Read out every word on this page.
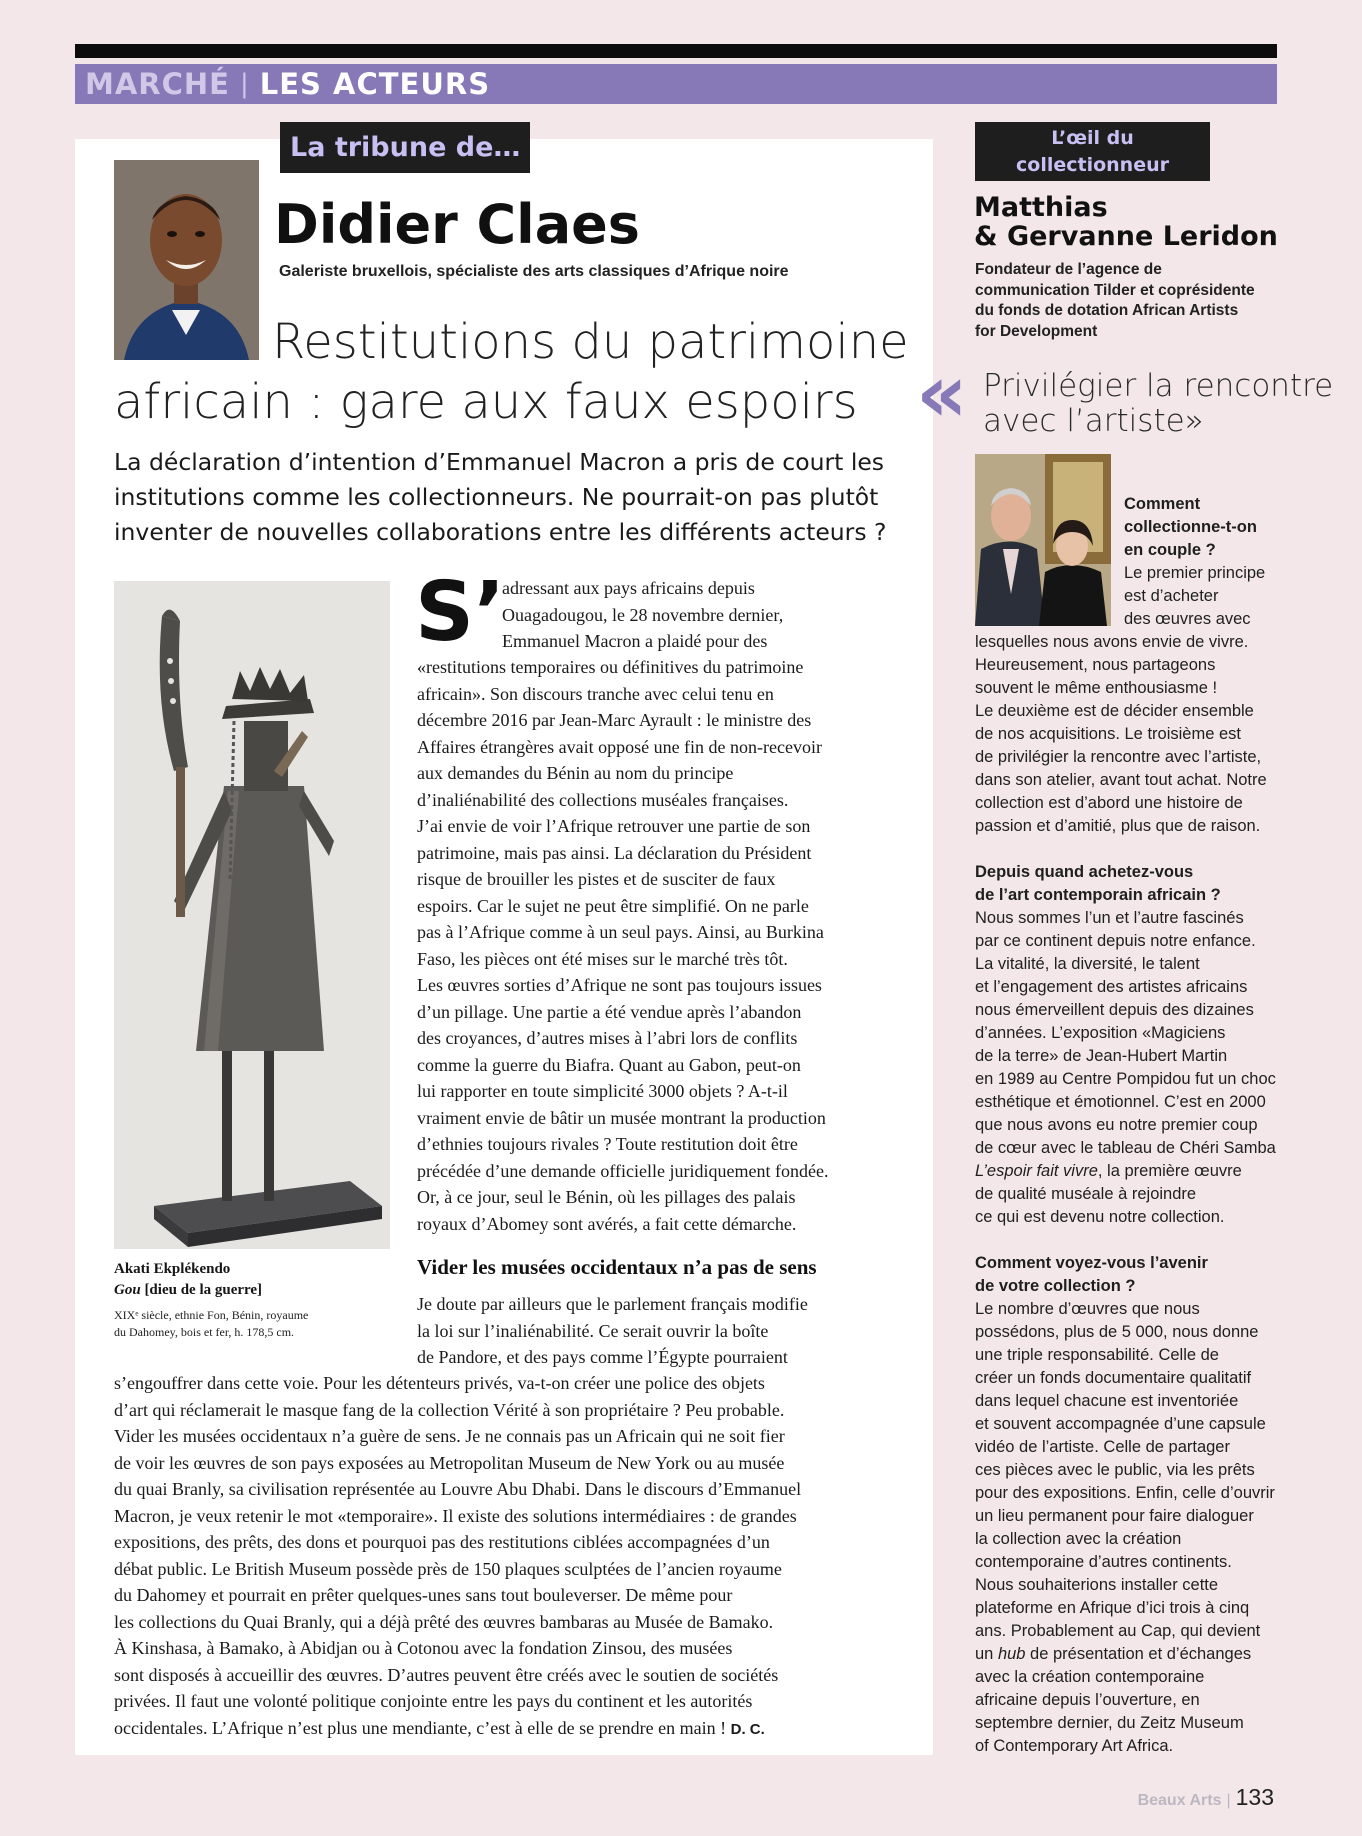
MARCHÉ | LES ACTEURS
La tribune de…
Didier Claes
Galeriste bruxellois, spécialiste des arts classiques d’Afrique noire
Restitutions du patrimoine
africain : gare aux faux espoirs

La déclaration d’intention d’Emmanuel Macron a pris de court les
institutions comme les collectionneurs. Ne pourrait-on pas plutôt
inventer de nouvelles collaborations entre les différents acteurs ?

Akati Ekplékendo
Gou [dieu de la guerre]

XIXᵉ siècle, ethnie Fon, Bénin, royaume
du Dahomey, bois et fer, h. 178,5 cm.

S’
adressant aux pays africains depuis
Ouagadougou, le 28 novembre dernier,
Emmanuel Macron a plaidé pour des
«restitutions temporaires ou définitives du patrimoine
africain». Son discours tranche avec celui tenu en
décembre 2016 par Jean-Marc Ayrault : le ministre des
Affaires étrangères avait opposé une fin de non-recevoir
aux demandes du Bénin au nom du principe
d’inaliénabilité des collections muséales françaises.
J’ai envie de voir l’Afrique retrouver une partie de son
patrimoine, mais pas ainsi. La déclaration du Président
risque de brouiller les pistes et de susciter de faux
espoirs. Car le sujet ne peut être simplifié. On ne parle
pas à l’Afrique comme à un seul pays. Ainsi, au Burkina
Faso, les pièces ont été mises sur le marché très tôt.
Les œuvres sorties d’Afrique ne sont pas toujours issues
d’un pillage. Une partie a été vendue après l’abandon
des croyances, d’autres mises à l’abri lors de conflits
comme la guerre du Biafra. Quant au Gabon, peut-on
lui rapporter en toute simplicité 3000 objets ? A-t-il
vraiment envie de bâtir un musée montrant la production
d’ethnies toujours rivales ? Toute restitution doit être
précédée d’une demande officielle juridiquement fondée.
Or, à ce jour, seul le Bénin, où les pillages des palais
royaux d’Abomey sont avérés, a fait cette démarche.
Vider les musées occidentaux n’a pas de sens
Je doute par ailleurs que le parlement français modifie
la loi sur l’inaliénabilité. Ce serait ouvrir la boîte
de Pandore, et des pays comme l’Égypte pourraient
s’engouffrer dans cette voie. Pour les détenteurs privés, va-t-on créer une police des objets
d’art qui réclamerait le masque fang de la collection Vérité à son propriétaire ? Peu probable.
Vider les musées occidentaux n’a guère de sens. Je ne connais pas un Africain qui ne soit fier
de voir les œuvres de son pays exposées au Metropolitan Museum de New York ou au musée
du quai Branly, sa civilisation représentée au Louvre Abu Dhabi. Dans le discours d’Emmanuel
Macron, je veux retenir le mot «temporaire». Il existe des solutions intermédiaires : de grandes
expositions, des prêts, des dons et pourquoi pas des restitutions ciblées accompagnées d’un
débat public. Le British Museum possède près de 150 plaques sculptées de l’ancien royaume
du Dahomey et pourrait en prêter quelques-unes sans tout bouleverser. De même pour
les collections du Quai Branly, qui a déjà prêté des œuvres bambaras au Musée de Bamako.
À Kinshasa, à Bamako, à Abidjan ou à Cotonou avec la fondation Zinsou, des musées
sont disposés à accueillir des œuvres. D’autres peuvent être créés avec le soutien de sociétés
privées. Il faut une volonté politique conjointe entre les pays du continent et les autorités
occidentales. L’Afrique n’est plus une mendiante, c’est à elle de se prendre en main ! D. C.
L’œil du
collectionneur
Matthias
& Gervanne Leridon
Fondateur de l’agence de
communication Tilder et coprésidente
du fonds de dotation African Artists
for Development
« Privilégier la rencontre
avec l’artiste»
Comment
collectionne-t-on
en couple ?
Le premier principe
est d’acheter
des œuvres avec
lesquelles nous avons envie de vivre.
Heureusement, nous partageons
souvent le même enthousiasme !
Le deuxième est de décider ensemble
de nos acquisitions. Le troisième est
de privilégier la rencontre avec l’artiste,
dans son atelier, avant tout achat. Notre
collection est d’abord une histoire de
passion et d’amitié, plus que de raison.
Depuis quand achetez-vous
de l’art contemporain africain ?
Nous sommes l’un et l’autre fascinés
par ce continent depuis notre enfance.
La vitalité, la diversité, le talent
et l’engagement des artistes africains
nous émerveillent depuis des dizaines
d’années. L’exposition «Magiciens
de la terre» de Jean-Hubert Martin
en 1989 au Centre Pompidou fut un choc
esthétique et émotionnel. C’est en 2000
que nous avons eu notre premier coup
de cœur avec le tableau de Chéri Samba
L’espoir fait vivre, la première œuvre
de qualité muséale à rejoindre
ce qui est devenu notre collection.
Comment voyez-vous l’avenir
de votre collection ?
Le nombre d’œuvres que nous
possédons, plus de 5 000, nous donne
une triple responsabilité. Celle de
créer un fonds documentaire qualitatif
dans lequel chacune est inventoriée
et souvent accompagnée d’une capsule
vidéo de l’artiste. Celle de partager
ces pièces avec le public, via les prêts
pour des expositions. Enfin, celle d’ouvrir
un lieu permanent pour faire dialoguer
la collection avec la création
contemporaine d’autres continents.
Nous souhaiterions installer cette
plateforme en Afrique d’ici trois à cinq
ans. Probablement au Cap, qui devient
un hub de présentation et d’échanges
avec la création contemporaine
africaine depuis l’ouverture, en
septembre dernier, du Zeitz Museum
of Contemporary Art Africa.
Beaux Arts | 133
